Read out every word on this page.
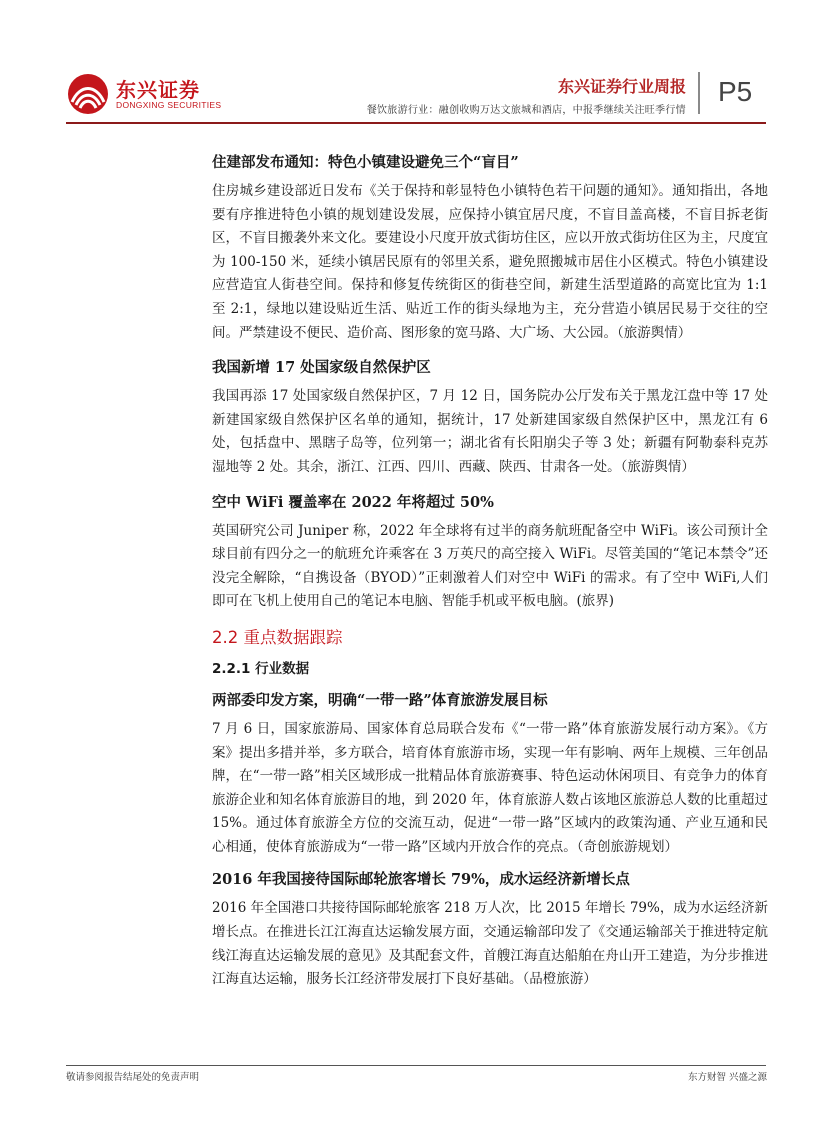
东兴证券
DONGXING SECURITIES
东兴证券行业周报
餐饮旅游行业：融创收购万达文旅城和酒店，中报季继续关注旺季行情
P5

住建部发布通知：特色小镇建设避免三个“盲目”

住房城乡建设部近日发布《关于保持和彰显特色小镇特色若干问题的通知》。通知指出，各地要有序推进特色小镇的规划建设发展，应保持小镇宜居尺度，不盲目盖高楼，不盲目拆老街区，不盲目搬袭外来文化。要建设小尺度开放式街坊住区，应以开放式街坊住区为主，尺度宜为 100-150 米，延续小镇居民原有的邻里关系，避免照搬城市居住小区模式。特色小镇建设应营造宜人街巷空间。保持和修复传统街区的街巷空间，新建生活型道路的高宽比宜为 1:1 至 2:1，绿地以建设贴近生活、贴近工作的街头绿地为主，充分营造小镇居民易于交往的空间。严禁建设不便民、造价高、图形象的宽马路、大广场、大公园。（旅游舆情）

我国新增 17 处国家级自然保护区

我国再添 17 处国家级自然保护区，7 月 12 日，国务院办公厅发布关于黑龙江盘中等 17 处新建国家级自然保护区名单的通知，据统计，17 处新建国家级自然保护区中，黑龙江有 6 处，包括盘中、黑瞎子岛等，位列第一；湖北省有长阳崩尖子等 3 处；新疆有阿勒泰科克苏湿地等 2 处。其余，浙江、江西、四川、西藏、陕西、甘肃各一处。（旅游舆情）

空中 WiFi 覆盖率在 2022 年将超过 50%

英国研究公司 Juniper 称，2022 年全球将有过半的商务航班配备空中 WiFi。该公司预计全球目前有四分之一的航班允许乘客在 3 万英尺的高空接入 WiFi。尽管美国的“笔记本禁令”还没完全解除，“自携设备（BYOD）”正刺激着人们对空中 WiFi 的需求。有了空中 WiFi,人们即可在飞机上使用自己的笔记本电脑、智能手机或平板电脑。(旅界)

2.2 重点数据跟踪

2.2.1 行业数据

两部委印发方案，明确“一带一路”体育旅游发展目标

7 月 6 日，国家旅游局、国家体育总局联合发布《“一带一路”体育旅游发展行动方案》。《方案》提出多措并举，多方联合，培育体育旅游市场，实现一年有影响、两年上规模、三年创品牌，在“一带一路”相关区域形成一批精品体育旅游赛事、特色运动休闲项目、有竞争力的体育旅游企业和知名体育旅游目的地，到 2020 年，体育旅游人数占该地区旅游总人数的比重超过 15%。通过体育旅游全方位的交流互动，促进“一带一路”区域内的政策沟通、产业互通和民心相通，使体育旅游成为“一带一路”区域内开放合作的亮点。（奇创旅游规划）

2016 年我国接待国际邮轮旅客增长 79%，成水运经济新增长点

2016 年全国港口共接待国际邮轮旅客 218 万人次，比 2015 年增长 79%，成为水运经济新增长点。在推进长江江海直达运输发展方面，交通运输部印发了《交通运输部关于推进特定航线江海直达运输发展的意见》及其配套文件，首艘江海直达船舶在舟山开工建造，为分步推进江海直达运输，服务长江经济带发展打下良好基础。（品橙旅游）

敬请参阅报告结尾处的免责声明	东方财智 兴盛之源
